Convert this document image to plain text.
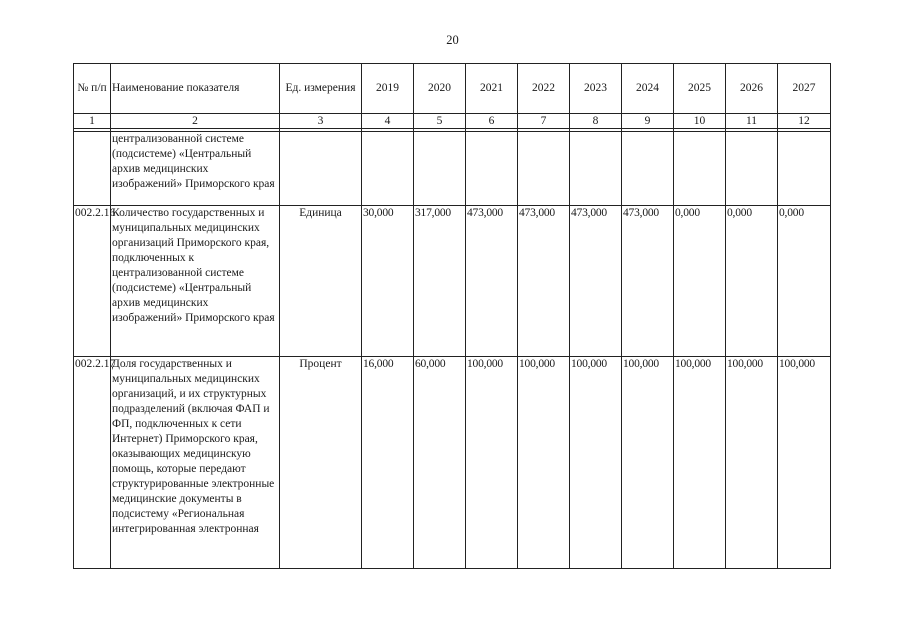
20
№ п/п	Наименование показателя	Ед. измерения	2019	2020	2021	2022	2023	2024	2025	2026	2027
1	2	3	4	5	6	7	8	9	10	11	12

	централизованной системе (подсистеме) «Центральный архив медицинских изображений» Приморского края										
002.2.16	Количество государственных и муниципальных медицинских организаций Приморского края, подключенных к централизованной системе (подсистеме) «Центральный архив медицинских изображений» Приморского края	Единица	30,000	317,000	473,000	473,000	473,000	473,000	0,000	0,000	0,000
002.2.17	Доля государственных и муниципальных медицинских организаций, и их структурных подразделений (включая ФАП и ФП, подключенных к сети Интернет) Приморского края, оказывающих медицинскую помощь, которые передают структурированные электронные медицинские документы в подсистему «Региональная интегрированная электронная	Процент	16,000	60,000	100,000	100,000	100,000	100,000	100,000	100,000	100,000
